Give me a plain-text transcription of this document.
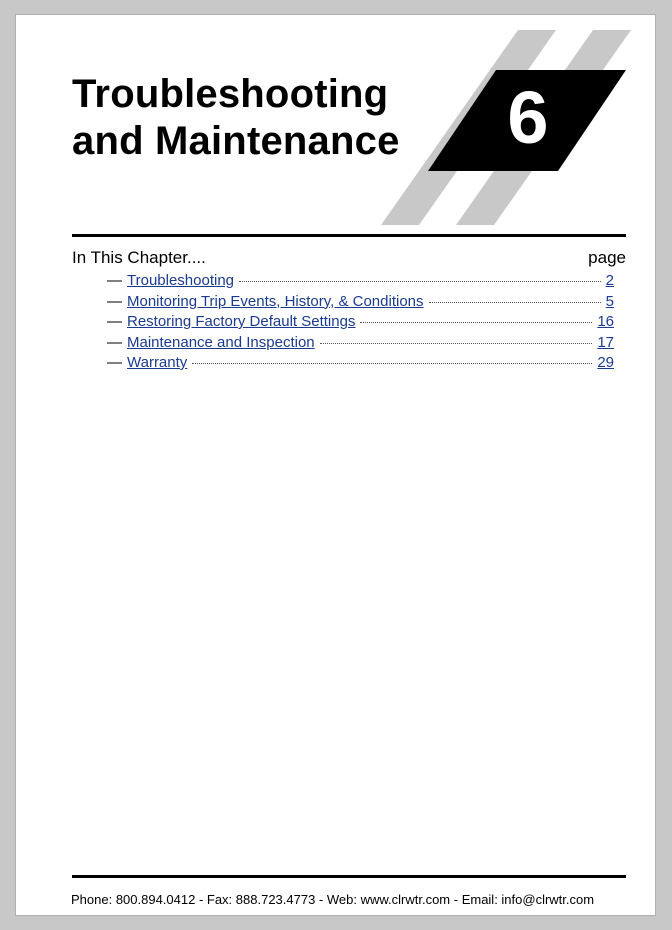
Troubleshooting
and Maintenance 6
In This Chapter....	page
— Troubleshooting	2
— Monitoring Trip Events, History, & Conditions	5
— Restoring Factory Default Settings	16
— Maintenance and Inspection	17
— Warranty	29
Phone: 800.894.0412 - Fax: 888.723.4773 - Web: www.clrwtr.com - Email: info@clrwtr.com
